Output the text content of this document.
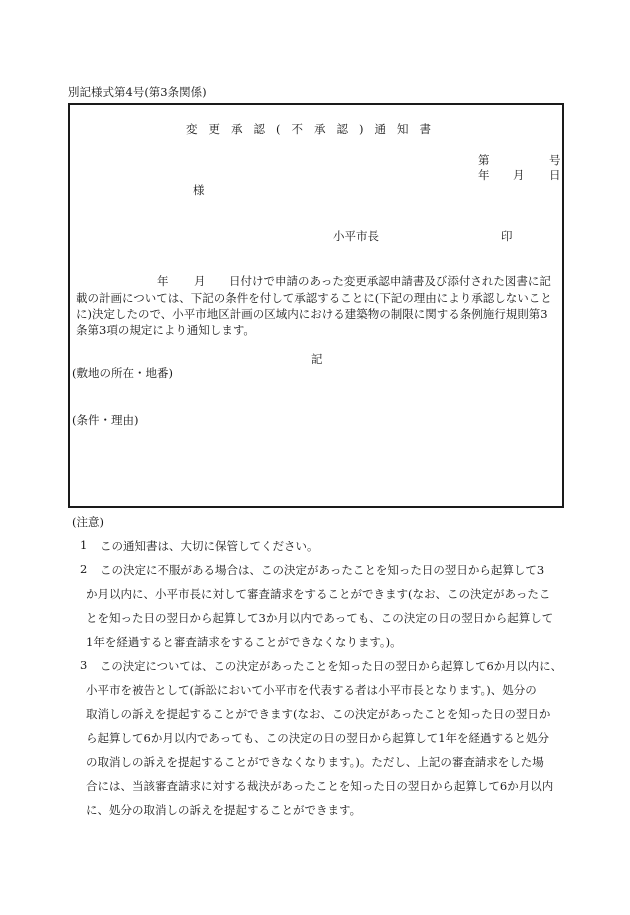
別記様式第4号(第3条関係)
変更承認(不承認)通知書
第	号
年 月 日
様
小平市長	印
年 月 日付けで申請のあった変更承認申請書及び添付された図書に記
載の計画については、下記の条件を付して承認することに(下記の理由により承認しないこと
に)決定したので、小平市地区計画の区域内における建築物の制限に関する条例施行規則第3
条第3項の規定により通知します。
記
(敷地の所在・地番)
(条件・理由)
(注意)
1 この通知書は、大切に保管してください。
2 この決定に不服がある場合は、この決定があったことを知った日の翌日から起算して3
か月以内に、小平市長に対して審査請求をすることができます(なお、この決定があったこ
とを知った日の翌日から起算して3か月以内であっても、この決定の日の翌日から起算して
1年を経過すると審査請求をすることができなくなります。)。
3 この決定については、この決定があったことを知った日の翌日から起算して6か月以内に、
小平市を被告として(訴訟において小平市を代表する者は小平市長となります。)、処分の
取消しの訴えを提起することができます(なお、この決定があったことを知った日の翌日か
ら起算して6か月以内であっても、この決定の日の翌日から起算して1年を経過すると処分
の取消しの訴えを提起することができなくなります。)。ただし、上記の審査請求をした場
合には、当該審査請求に対する裁決があったことを知った日の翌日から起算して6か月以内
に、処分の取消しの訴えを提起することができます。
